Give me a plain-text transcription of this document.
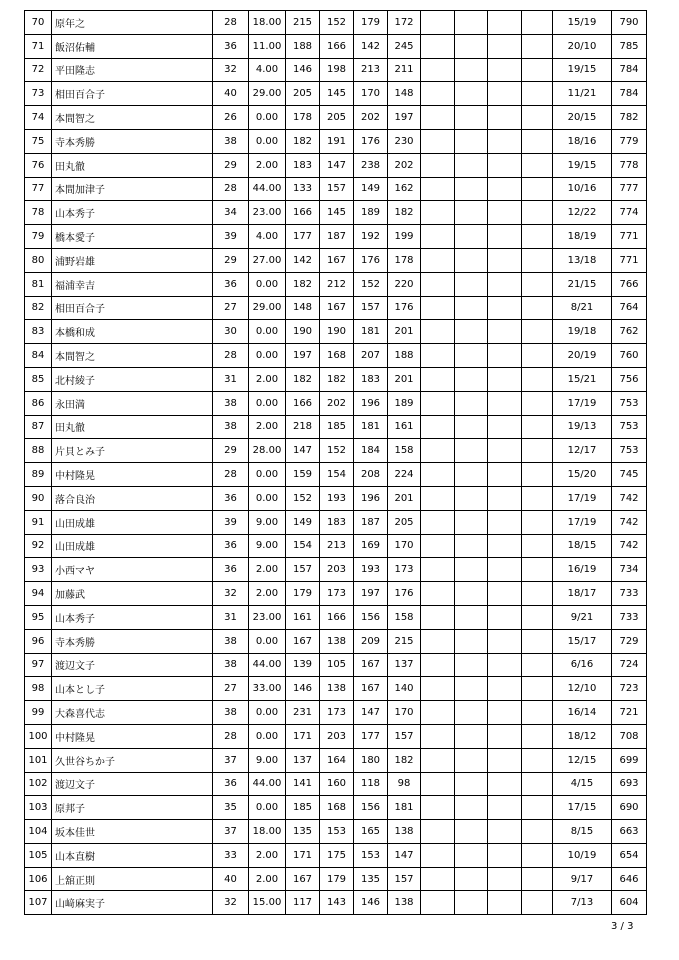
70	原年之	28	18.00	215	152	179	172					15/19	790
71	飯沼佑輔	36	11.00	188	166	142	245					20/10	785
72	平田隆志	32	4.00	146	198	213	211					19/15	784
73	相田百合子	40	29.00	205	145	170	148					11/21	784
74	本間智之	26	0.00	178	205	202	197					20/15	782
75	寺本秀勝	38	0.00	182	191	176	230					18/16	779
76	田丸徹	29	2.00	183	147	238	202					19/15	778
77	本間加津子	28	44.00	133	157	149	162					10/16	777
78	山本秀子	34	23.00	166	145	189	182					12/22	774
79	橋本愛子	39	4.00	177	187	192	199					18/19	771
80	浦野岩雄	29	27.00	142	167	176	178					13/18	771
81	福浦幸吉	36	0.00	182	212	152	220					21/15	766
82	相田百合子	27	29.00	148	167	157	176					8/21	764
83	本橋和成	30	0.00	190	190	181	201					19/18	762
84	本間智之	28	0.00	197	168	207	188					20/19	760
85	北村綾子	31	2.00	182	182	183	201					15/21	756
86	永田満	38	0.00	166	202	196	189					17/19	753
87	田丸徹	38	2.00	218	185	181	161					19/13	753
88	片貝とみ子	29	28.00	147	152	184	158					12/17	753
89	中村隆晃	28	0.00	159	154	208	224					15/20	745
90	落合良治	36	0.00	152	193	196	201					17/19	742
91	山田成雄	39	9.00	149	183	187	205					17/19	742
92	山田成雄	36	9.00	154	213	169	170					18/15	742
93	小西マヤ	36	2.00	157	203	193	173					16/19	734
94	加藤武	32	2.00	179	173	197	176					18/17	733
95	山本秀子	31	23.00	161	166	156	158					9/21	733
96	寺本秀勝	38	0.00	167	138	209	215					15/17	729
97	渡辺文子	38	44.00	139	105	167	137					6/16	724
98	山本とし子	27	33.00	146	138	167	140					12/10	723
99	大森喜代志	38	0.00	231	173	147	170					16/14	721
100	中村隆晃	28	0.00	171	203	177	157					18/12	708
101	久世谷ちか子	37	9.00	137	164	180	182					12/15	699
102	渡辺文子	36	44.00	141	160	118	98					4/15	693
103	原邦子	35	0.00	185	168	156	181					17/15	690
104	坂本佳世	37	18.00	135	153	165	138					8/15	663
105	山本直樹	33	2.00	171	175	153	147					10/19	654
106	上舘正則	40	2.00	167	179	135	157					9/17	646
107	山﨑麻実子	32	15.00	117	143	146	138					7/13	604
3 / 3
